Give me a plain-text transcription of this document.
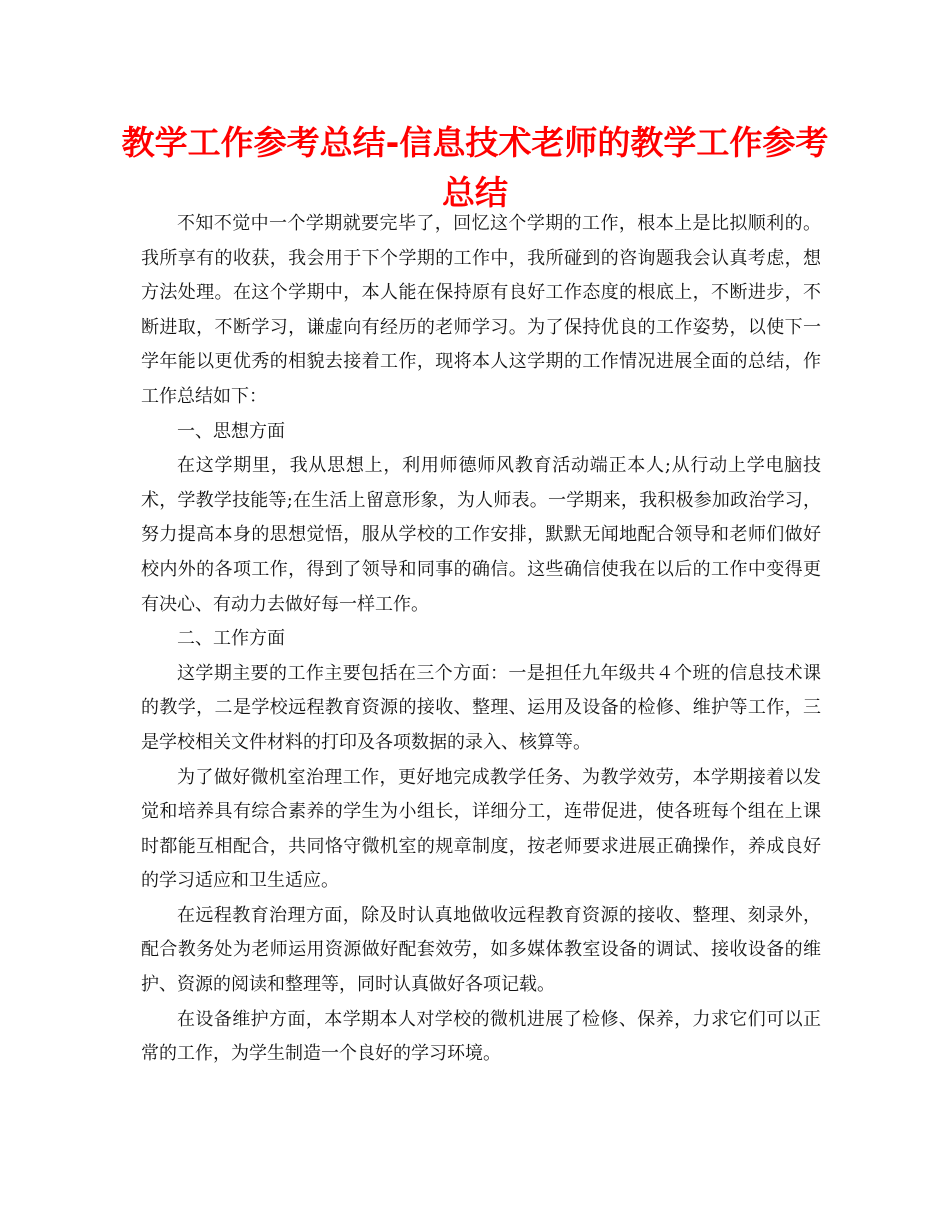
教学工作参考总结-信息技术老师的教学工作参考总结

不知不觉中一个学期就要完毕了，回忆这个学期的工作，根本上是比拟顺利的。我所享有的收获，我会用于下个学期的工作中，我所碰到的咨询题我会认真考虑，想方法处理。在这个学期中，本人能在保持原有良好工作态度的根底上，不断进步，不断进取，不断学习，谦虚向有经历的老师学习。为了保持优良的工作姿势，以使下一学年能以更优秀的相貌去接着工作，现将本人这学期的工作情况进展全面的总结，作工作总结如下：

一、思想方面

在这学期里，我从思想上，利用师德师风教育活动端正本人;从行动上学电脑技术，学教学技能等;在生活上留意形象，为人师表。一学期来，我积极参加政治学习，努力提高本身的思想觉悟，服从学校的工作安排，默默无闻地配合领导和老师们做好校内外的各项工作，得到了领导和同事的确信。这些确信使我在以后的工作中变得更有决心、有动力去做好每一样工作。

二、工作方面

这学期主要的工作主要包括在三个方面：一是担任九年级共４个班的信息技术课的教学，二是学校远程教育资源的接收、整理、运用及设备的检修、维护等工作，三是学校相关文件材料的打印及各项数据的录入、核算等。

为了做好微机室治理工作，更好地完成教学任务、为教学效劳，本学期接着以发觉和培养具有综合素养的学生为小组长，详细分工，连带促进，使各班每个组在上课时都能互相配合，共同恪守微机室的规章制度，按老师要求进展正确操作，养成良好的学习适应和卫生适应。

在远程教育治理方面，除及时认真地做收远程教育资源的接收、整理、刻录外，配合教务处为老师运用资源做好配套效劳，如多媒体教室设备的调试、接收设备的维护、资源的阅读和整理等，同时认真做好各项记载。

在设备维护方面，本学期本人对学校的微机进展了检修、保养，力求它们可以正常的工作，为学生制造一个良好的学习环境。
